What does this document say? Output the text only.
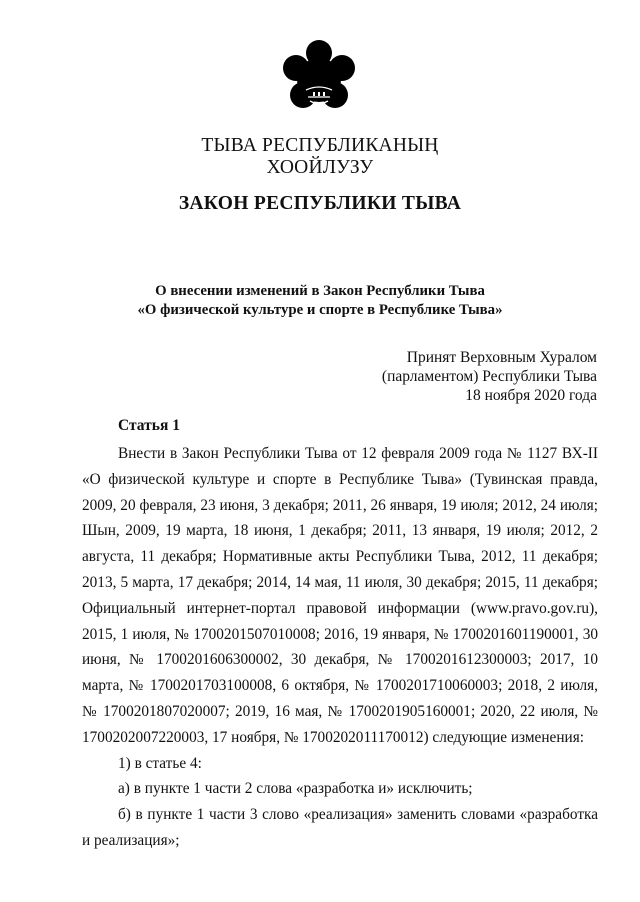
ТЫВА РЕСПУБЛИКАНЫҢ
ХООЙЛУЗУ
ЗАКОН РЕСПУБЛИКИ ТЫВА
О внесении изменений в Закон Республики Тыва
«О физической культуре и спорте в Республике Тыва»
Принят Верховным Хуралом
(парламентом) Республики Тыва
18 ноября 2020 года
Статья 1

Внести в Закон Республики Тыва от 12 февраля 2009 года № 1127 ВХ-II «О физической культуре и спорте в Республике Тыва» (Тувинская правда, 2009, 20 февраля, 23 июня, 3 декабря; 2011, 26 января, 19 июля; 2012, 24 июля; Шын, 2009, 19 марта, 18 июня, 1 декабря; 2011, 13 января, 19 июля; 2012, 2 августа, 11 декабря; Нормативные акты Республики Тыва, 2012, 11 декабря; 2013, 5 марта, 17 декабря; 2014, 14 мая, 11 июля, 30 декабря; 2015, 11 декабря; Официальный интернет-портал правовой информации (www.pravo.gov.ru), 2015, 1 июля, № 1700201507010008; 2016, 19 января, № 1700201601190001, 30 июня, № 1700201606300002, 30 декабря, № 1700201612300003; 2017, 10 марта, № 1700201703100008, 6 октября, № 1700201710060003; 2018, 2 июля, № 1700201807020007; 2019, 16 мая, № 1700201905160001; 2020, 22 июля, № 1700202007220003, 17 ноября, № 1700202011170012) следующие изменения:

1) в статье 4:

а) в пункте 1 части 2 слова «разработка и» исключить;

б) в пункте 1 части 3 слово «реализация» заменить словами «разработка и реализация»;
